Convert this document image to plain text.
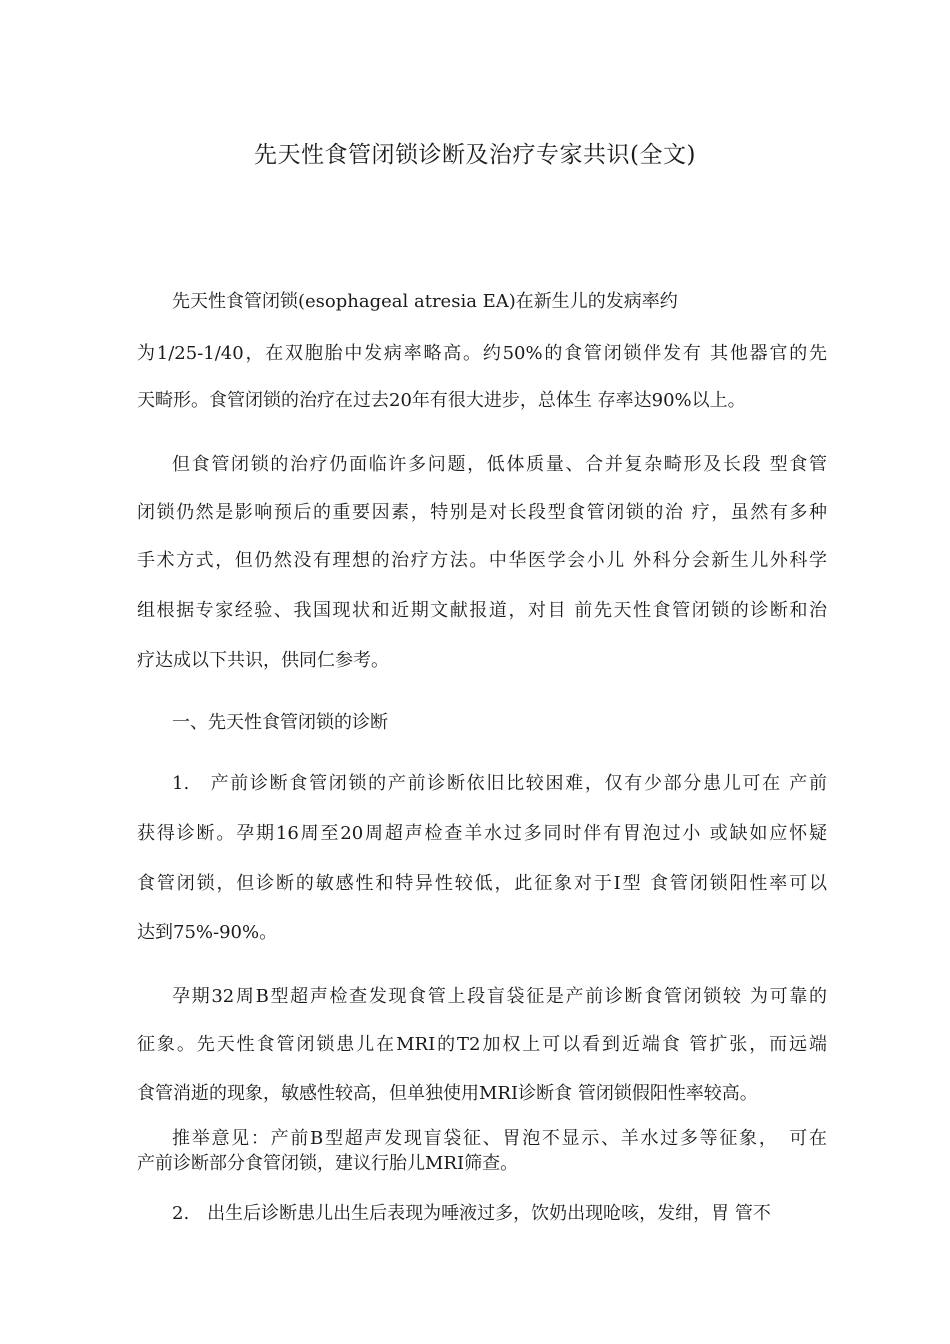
先天性食管闭锁诊断及治疗专家共识(全文)

先天性食管闭锁(esophageal atresia EA)在新生儿的发病率约

为1/25-1/40，在双胞胎中发病率略高。约50%的食管闭锁伴发有 其他器官的先

天畸形。食管闭锁的治疗在过去20年有很大进步，总体生 存率达90%以上。

但食管闭锁的治疗仍面临许多问题，低体质量、合并复杂畸形及长段 型食管

闭锁仍然是影响预后的重要因素，特别是对长段型食管闭锁的治 疗，虽然有多种

手术方式，但仍然没有理想的治疗方法。中华医学会小儿 外科分会新生儿外科学

组根据专家经验、我国现状和近期文献报道，对目 前先天性食管闭锁的诊断和治

疗达成以下共识，供同仁参考。

一、先天性食管闭锁的诊断

1.　产前诊断食管闭锁的产前诊断依旧比较困难，仅有少部分患儿可在 产前

获得诊断。孕期16周至20周超声检查羊水过多同时伴有胃泡过小 或缺如应怀疑

食管闭锁，但诊断的敏感性和特异性较低，此征象对于Ⅰ型 食管闭锁阳性率可以

达到75%-90%。

孕期32周B型超声检查发现食管上段盲袋征是产前诊断食管闭锁较 为可靠的

征象。先天性食管闭锁患儿在MRI的T2加权上可以看到近端食 管扩张，而远端

食管消逝的现象，敏感性较高，但单独使用MRI诊断食 管闭锁假阳性率较高。

推举意见：产前B型超声发现盲袋征、胃泡不显示、羊水过多等征象，　可在

产前诊断部分食管闭锁，建议行胎儿MRI筛查。

2.　出生后诊断患儿出生后表现为唾液过多，饮奶出现呛咳，发绀，胃 管不
